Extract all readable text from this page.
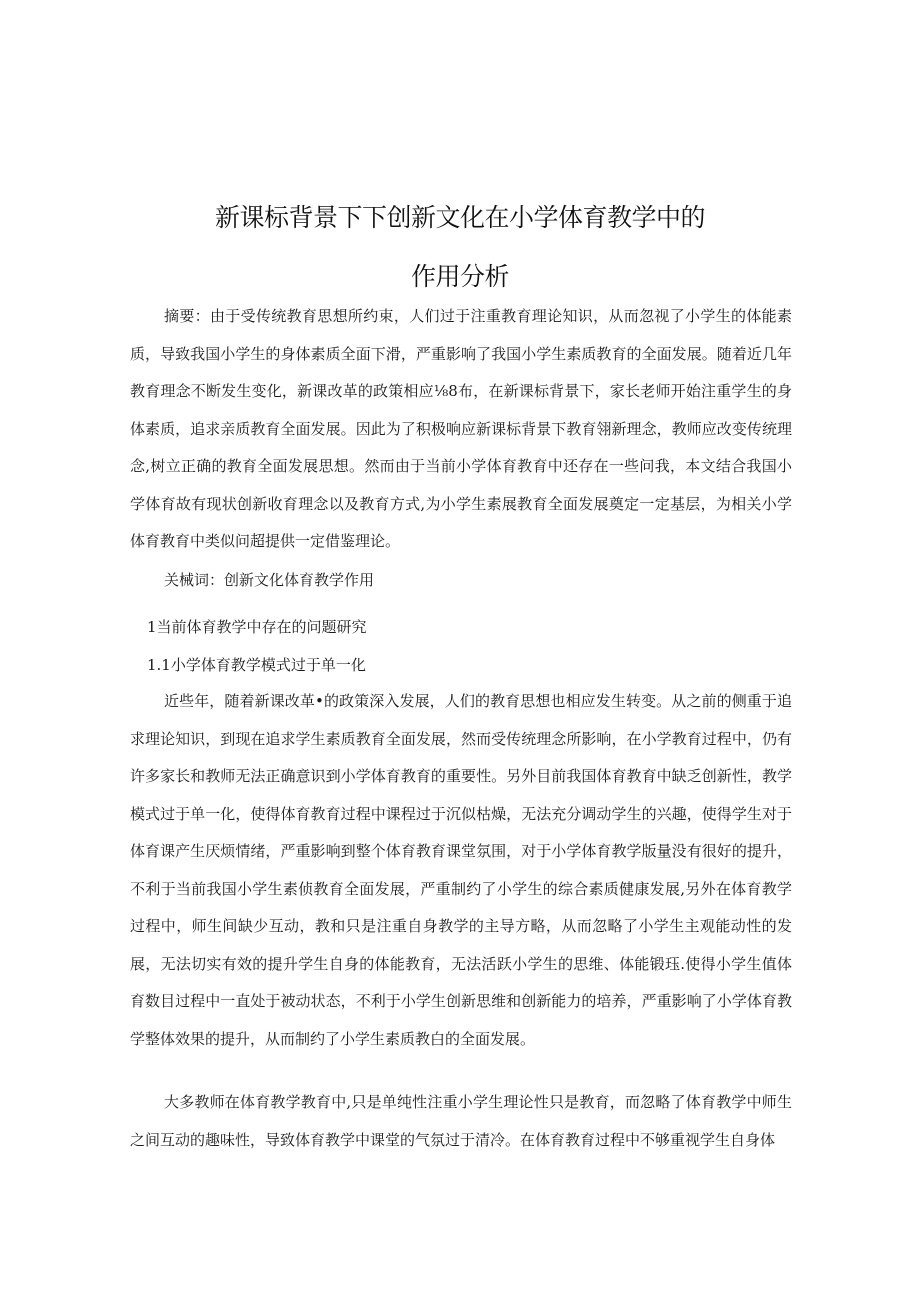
新课标背景下下创新文化在小学体育教学中的
作用分析

摘要：由于受传统教育思想所约束，人们过于注重教育理论知识，从而忽视了小学生的体能素质，导致我国小学生的身体素质全面下滑，严重影响了我国小学生素质教育的全面发展。随着近几年教育理念不断发生变化，新课改革的政策相应⅛8布，在新课标背景下，家长老师开始注重学生的身体素质，追求亲质教育全面发展。因此为了积极响应新课标背景下教育翎新理念，教师应改变传统理念,树立正确的教育全面发展思想。然而由于当前小学体育教育中还存在一些问我，本文结合我国小学体育故有现状创新收育理念以及教育方式,为小学生素展教育全面发展奠定一定基层，为相关小学体育教育中类似问超提供一定借鉴理论。

关械词：创新文化体育教学作用

1当前体育教学中存在的问题研究

1.1小学体育教学模式过于单一化

近些年，随着新课改革•的政策深入发展，人们的教育思想也相应发生转变。从之前的侧重于追求理论知识，到现在追求学生素质教育全面发展，然而受传统理念所影响，在小学教育过程中，仍有许多家长和教师无法正确意识到小学体育教育的重要性。另外目前我国体育教育中缺乏创新性，教学模式过于单一化，使得体育教育过程中课程过于沉似枯燥，无法充分调动学生的兴趣，使得学生对于体育课产生厌烦情绪，严重影响到整个体育教育课堂氛围，对于小学体育教学版量没有很好的提升，不利于当前我国小学生素侦教育全面发展，严重制约了小学生的综合素质健康发展,另外在体育教学过程中，师生间缺少互动，教和只是注重自身教学的主导方略，从而忽略了小学生主观能动性的发展，无法切实有效的提升学生自身的体能教育，无法活跃小学生的思维、体能锻珏.使得小学生值体育数目过程中一直处于被动状态，不利于小学生创新思维和创新能力的培养，严重影响了小学体育教学整体效果的提升，从而制约了小学生素质教白的全面发展。

大多教师在体育教学教育中,只是单纯性注重小学生理论性只是教育，而忽略了体育教学中师生之间互动的趣味性，导致体育教学中课堂的气氛过于清冷。在体育教育过程中不够重视学生自身体
